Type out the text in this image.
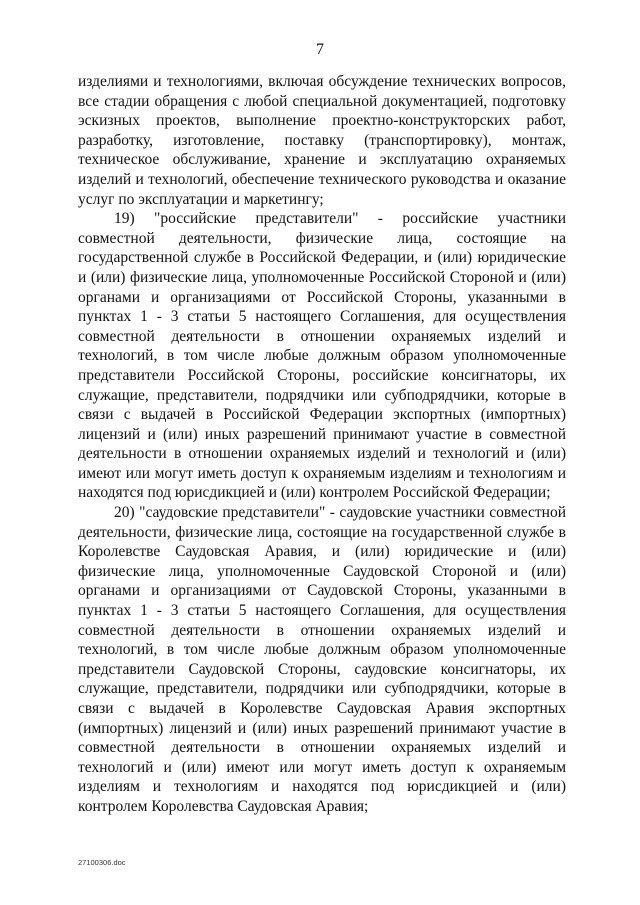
7

изделиями и технологиями, включая обсуждение технических вопросов, все стадии обращения с любой специальной документацией, подготовку эскизных проектов, выполнение проектно-конструкторских работ, разработку, изготовление, поставку (транспортировку), монтаж, техническое обслуживание, хранение и эксплуатацию охраняемых изделий и технологий, обеспечение технического руководства и оказание услуг по эксплуатации и маркетингу;

19) "российские представители" - российские участники совместной деятельности, физические лица, состоящие на государственной службе в Российской Федерации, и (или) юридические и (или) физические лица, уполномоченные Российской Стороной и (или) органами и организациями от Российской Стороны, указанными в пунктах 1 - 3 статьи 5 настоящего Соглашения, для осуществления совместной деятельности в отношении охраняемых изделий и технологий, в том числе любые должным образом уполномоченные представители Российской Стороны, российские консигнаторы, их служащие, представители, подрядчики или субподрядчики, которые в связи с выдачей в Российской Федерации экспортных (импортных) лицензий и (или) иных разрешений принимают участие в совместной деятельности в отношении охраняемых изделий и технологий и (или) имеют или могут иметь доступ к охраняемым изделиям и технологиям и находятся под юрисдикцией и (или) контролем Российской Федерации;

20) "саудовские представители" - саудовские участники совместной деятельности, физические лица, состоящие на государственной службе в Королевстве Саудовская Аравия, и (или) юридические и (или) физические лица, уполномоченные Саудовской Стороной и (или) органами и организациями от Саудовской Стороны, указанными в пунктах 1 - 3 статьи 5 настоящего Соглашения, для осуществления совместной деятельности в отношении охраняемых изделий и технологий, в том числе любые должным образом уполномоченные представители Саудовской Стороны, саудовские консигнаторы, их служащие, представители, подрядчики или субподрядчики, которые в связи с выдачей в Королевстве Саудовская Аравия экспортных (импортных) лицензий и (или) иных разрешений принимают участие в совместной деятельности в отношении охраняемых изделий и технологий и (или) имеют или могут иметь доступ к охраняемым изделиям и технологиям и находятся под юрисдикцией и (или) контролем Королевства Саудовская Аравия;

27100306.doc
